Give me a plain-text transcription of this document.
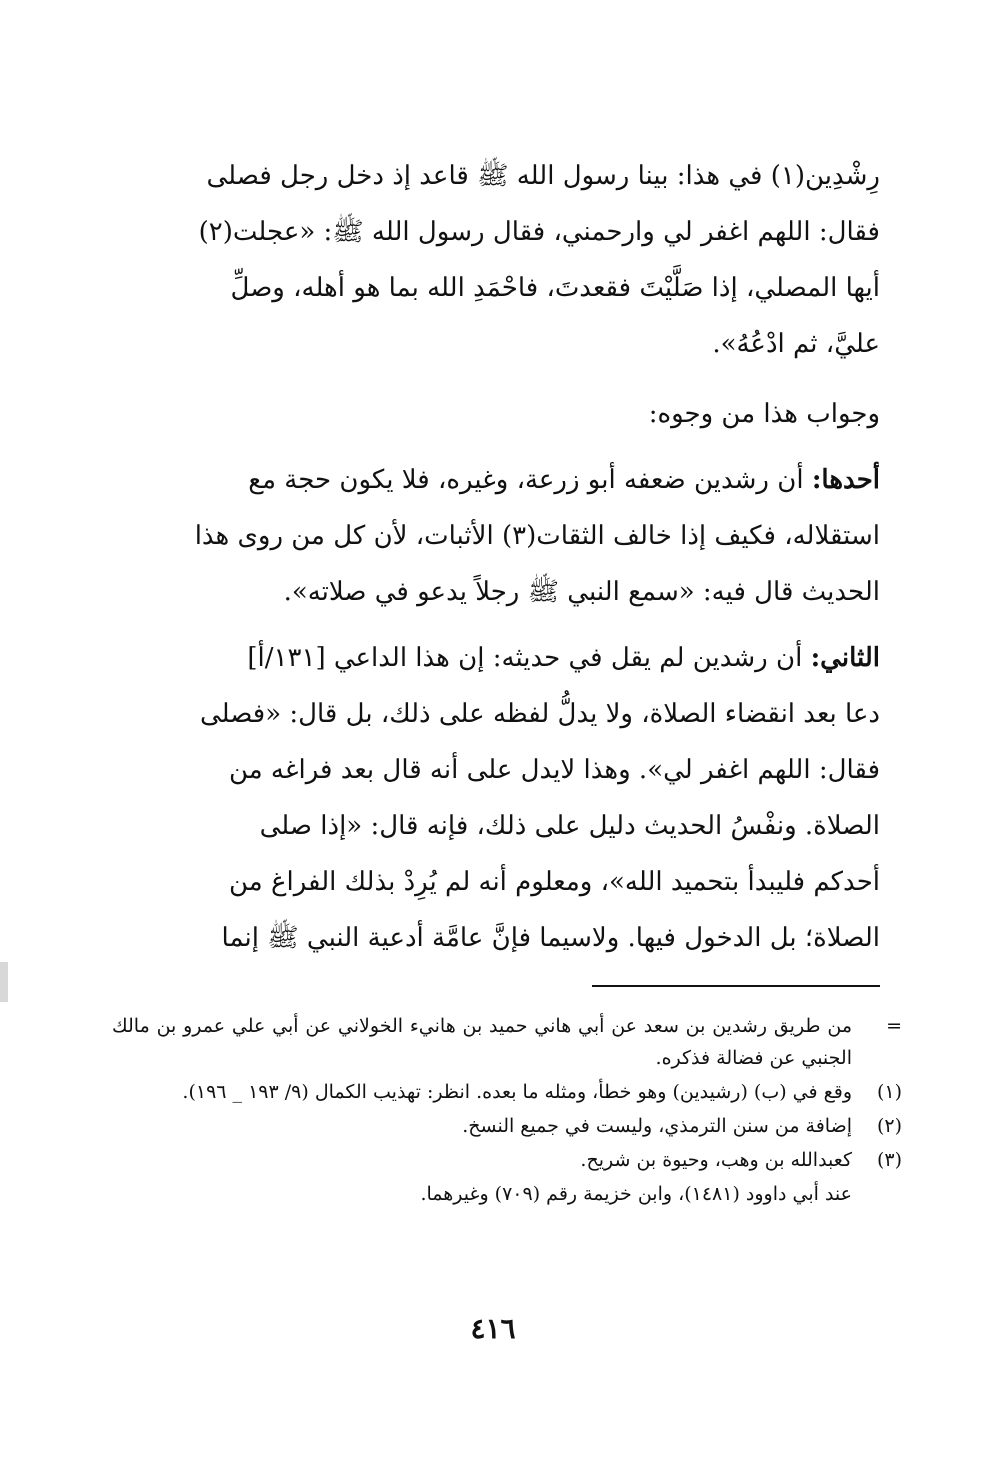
رِشْدِين(١) في هذا: بينا رسول الله ﷺ قاعد إذ دخل رجل فصلى

فقال: اللهم اغفر لي وارحمني، فقال رسول الله ﷺ: «عجلت(٢)

أيها المصلي، إذا صَلَّيْتَ فقعدتَ، فاحْمَدِ الله بما هو أهله، وصلِّ

عليَّ، ثم ادْعُهُ».

وجواب هذا من وجوه:

أحدها: أن رشدين ضعفه أبو زرعة، وغيره، فلا يكون حجة مع

استقلاله، فكيف إذا خالف الثقات(٣) الأثبات، لأن كل من روى هذا

الحديث قال فيه: «سمع النبي ﷺ رجلاً يدعو في صلاته».

الثاني: أن رشدين لم يقل في حديثه: إن هذا الداعي [١٣١/أ]

دعا بعد انقضاء الصلاة، ولا يدلُّ لفظه على ذلك، بل قال: «فصلى

فقال: اللهم اغفر لي». وهذا لايدل على أنه قال بعد فراغه من

الصلاة. ونفْسُ الحديث دليل على ذلك، فإنه قال: «إذا صلى

أحدكم فليبدأ بتحميد الله»، ومعلوم أنه لم يُرِدْ بذلك الفراغ من

الصلاة؛ بل الدخول فيها. ولاسيما فإنَّ عامَّة أدعية النبي ﷺ إنما

=
من طريق رشدين بن سعد عن أبي هاني حميد بن هانيء الخولاني عن أبي علي عمرو بن مالك الجنبي عن فضالة فذكره.
(١)
وقع في (ب) (رشيدين) وهو خطأ، ومثله ما بعده. انظر: تهذيب الكمال (٩/ ١٩٣ _ ١٩٦).
(٢)
إضافة من سنن الترمذي، وليست في جميع النسخ.
(٣)
كعبدالله بن وهب، وحيوة بن شريح.
عند أبي داوود (١٤٨١)، وابن خزيمة رقم (٧٠٩) وغيرهما.
٤١٦
